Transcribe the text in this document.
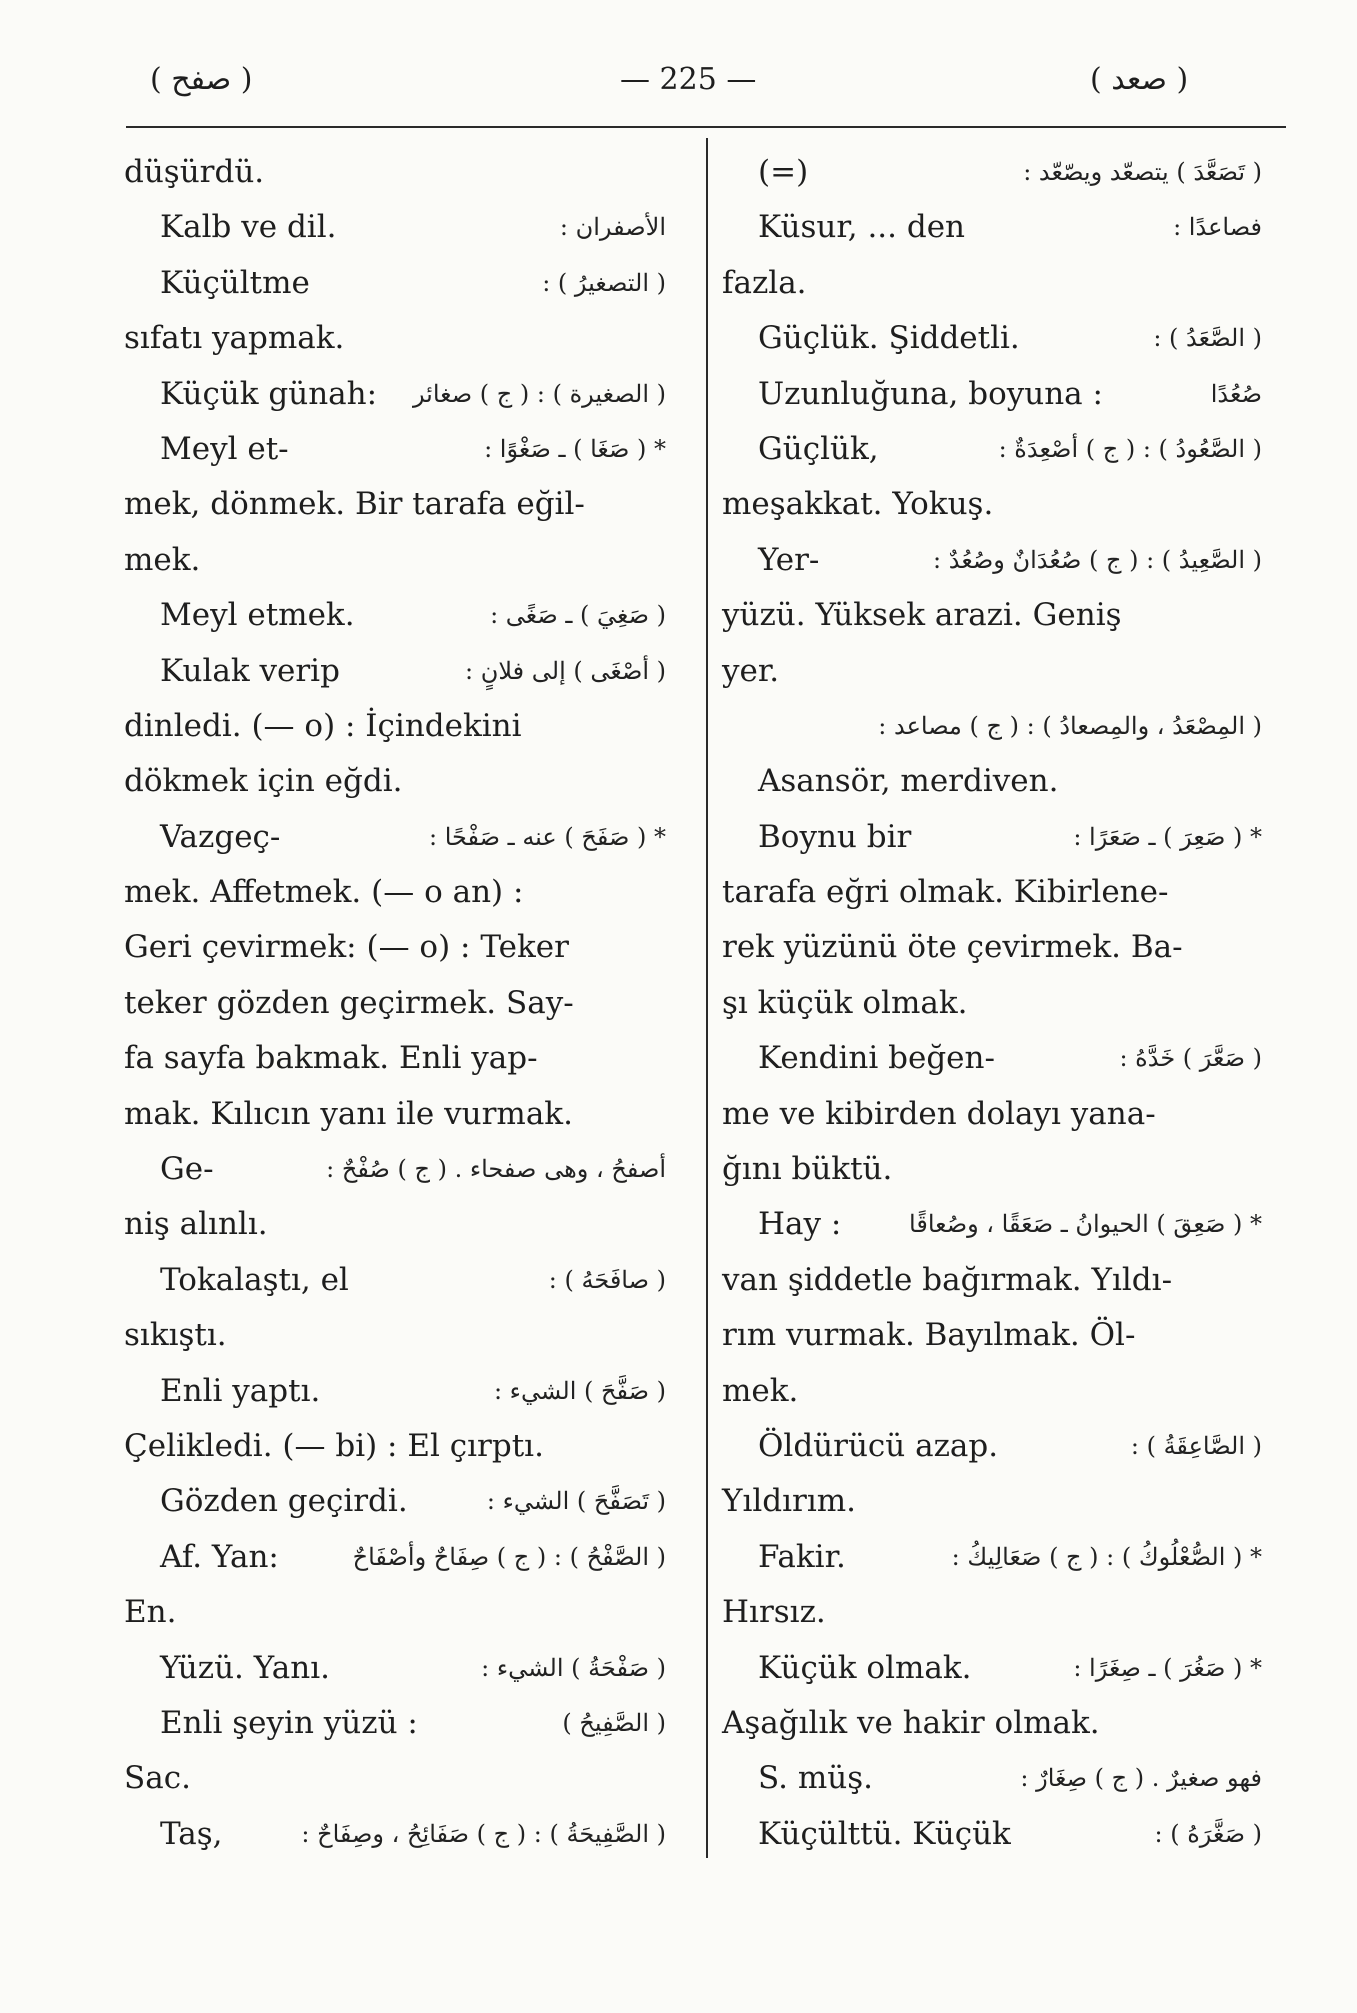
( صفح )	— 225 —	( صعد )
düşürdü.
Kalb ve dil.	الأصفران :
Küçültme	( التصغيرُ ) :
sıfatı yapmak.
Küçük günah: ( الصغيرة ) : ( ج ) صغائر
Meyl et-	* ( صَغَا ) ـ صَغْوًا :
mek, dönmek. Bir tarafa eğil-
mek.
Meyl etmek.	( صَغِيَ ) ـ صَغًى :
Kulak verip	( أصْغَى ) إلى فلانٍ :
dinledi. (— o) : İçindekini
dökmek için eğdi.
Vazgeç-	* ( صَفَحَ ) عنه ـ صَفْحًا :
mek. Affetmek. (— o an) :
Geri çevirmek: (— o) : Teker
teker gözden geçirmek. Say-
fa sayfa bakmak. Enli yap-
mak. Kılıcın yanı ile vurmak.
Ge-	أصفحُ ، وهى صفحاء . ( ج ) صُفْحٌ :
niş alınlı.
Tokalaştı, el	( صافَحَهُ ) :
sıkıştı.
Enli yaptı.	( صَفَّحَ ) الشيء :
Çelikledi. (— bi) : El çırptı.
Gözden geçirdi.	( تَصَفَّحَ ) الشيء :
Af. Yan:	( الصَّفْحُ ) : ( ج ) صِفَاحٌ وأصْفَاحٌ
En.
Yüzü. Yanı.	( صَفْحَةُ ) الشيء :
Enli şeyin yüzü :	( الصَّفِيحُ )
Sac.
Taş,	( الصَّفِيحَةُ ) : ( ج ) صَفَائِحُ ، وصِفَاحٌ :
(=)	( تَصَعَّدَ ) يتصعّد ويصّعّد :
Küsur, ... den	فصاعدًا :
fazla.
Güçlük. Şiddetli.	( الصَّعَدُ ) :
Uzunluğuna, boyuna :	صُعُدًا
Güçlük,	( الصَّعُودُ ) : ( ج ) أصْعِدَةٌ :
meşakkat. Yokuş.
Yer-	( الصَّعِيدُ ) : ( ج ) صُعُدَانٌ وصُعُدٌ :
yüzü. Yüksek arazi. Geniş
yer.
( المِصْعَدُ ، والمِصعادُ ) : ( ج ) مصاعد :
Asansör, merdiven.
Boynu bir	* ( صَعِرَ ) ـ صَعَرًا :
tarafa eğri olmak. Kibirlene-
rek yüzünü öte çevirmek. Ba-
şı küçük olmak.
Kendini beğen-	( صَعَّرَ ) خَدَّهُ :
me ve kibirden dolayı yana-
ğını büktü.
Hay :	* ( صَعِقَ ) الحيوانُ ـ صَعَقًا ، وصُعاقًا
van şiddetle bağırmak. Yıldı-
rım vurmak. Bayılmak. Öl-
mek.
Öldürücü azap.	( الصَّاعِقَةُ ) :
Yıldırım.
Fakir.	* ( الصُّعْلُوكُ ) : ( ج ) صَعَالِيكُ :
Hırsız.
Küçük olmak.	* ( صَغُرَ ) ـ صِغَرًا :
Aşağılık ve hakir olmak.
S. müş.	فهو صغيرٌ . ( ج ) صِغَارٌ :
Küçülttü. Küçük	( صَغَّرَهُ ) :
